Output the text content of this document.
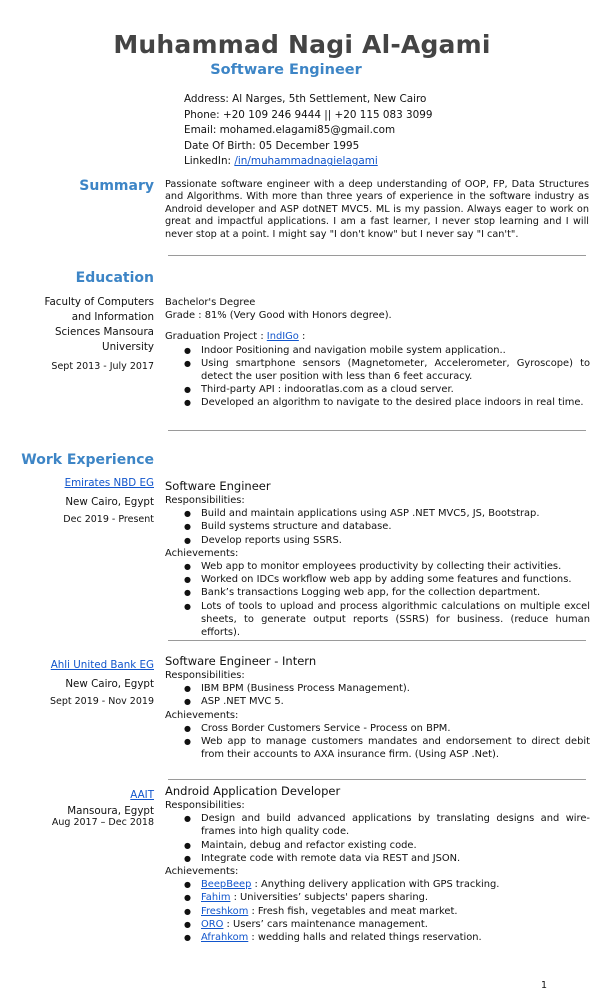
Muhammad Nagi Al-Agami
Software Engineer
Address: Al Narges, 5th Settlement, New Cairo
Phone: +20 109 246 9444 || +20 115 083 3099
Email: mohamed.elagami85@gmail.com
Date Of Birth: 05 December 1995
LinkedIn: /in/muhammadnagielagami
Summary Passionate software engineer with a deep understanding of OOP, FP, Data Structures and Algorithms. With more than three years of experience in the software industry as Android developer and ASP dotNET MVC5. ML is my passion. Always eager to work on great and impactful applications. I am a fast learner, I never stop learning and I will never stop at a point. I might say "I don't know" but I never say "I can't".
Education
Faculty of Computers
and Information
Sciences Mansoura
University
Sept 2013 - July 2017
Bachelor's Degree
Grade : 81% (Very Good with Honors degree).
Graduation Project : IndIGo :
● Indoor Positioning and navigation mobile system application..
● Using smartphone sensors (Magnetometer, Accelerometer, Gyroscope) to detect the user position with less than 6 feet accuracy.
● Third-party API : indooratlas.com as a cloud server.
● Developed an algorithm to navigate to the desired place indoors in real time.
Work Experience
Emirates NBD EG
New Cairo, Egypt
Dec 2019 - Present
Software Engineer
Responsibilities:
● Build and maintain applications using ASP .NET MVC5, JS, Bootstrap.
● Build systems structure and database.
● Develop reports using SSRS.
Achievements:
● Web app to monitor employees productivity by collecting their activities.
● Worked on IDCs workflow web app by adding some features and functions.
● Bank’s transactions Logging web app, for the collection department.
● Lots of tools to upload and process algorithmic calculations on multiple excel sheets, to generate output reports (SSRS) for business. (reduce human efforts).
Ahli United Bank EG
New Cairo, Egypt
Sept 2019 - Nov 2019
Software Engineer - Intern
Responsibilities:
● IBM BPM (Business Process Management).
● ASP .NET MVC 5.
Achievements:
● Cross Border Customers Service - Process on BPM.
● Web app to manage customers mandates and endorsement to direct debit from their accounts to AXA insurance firm. (Using ASP .Net).
AAIT
Mansoura, Egypt
Aug 2017 – Dec 2018
Android Application Developer
Responsibilities:
● Design and build advanced applications by translating designs and wire-frames into high quality code.
● Maintain, debug and refactor existing code.
● Integrate code with remote data via REST and JSON.
Achievements:
● BeepBeep : Anything delivery application with GPS tracking.
● Fahim : Universities’ subjects' papers sharing.
● Freshkom : Fresh fish, vegetables and meat market.
● ORO : Users’ cars maintenance management.
● Afrahkom : wedding halls and related things reservation.
1
